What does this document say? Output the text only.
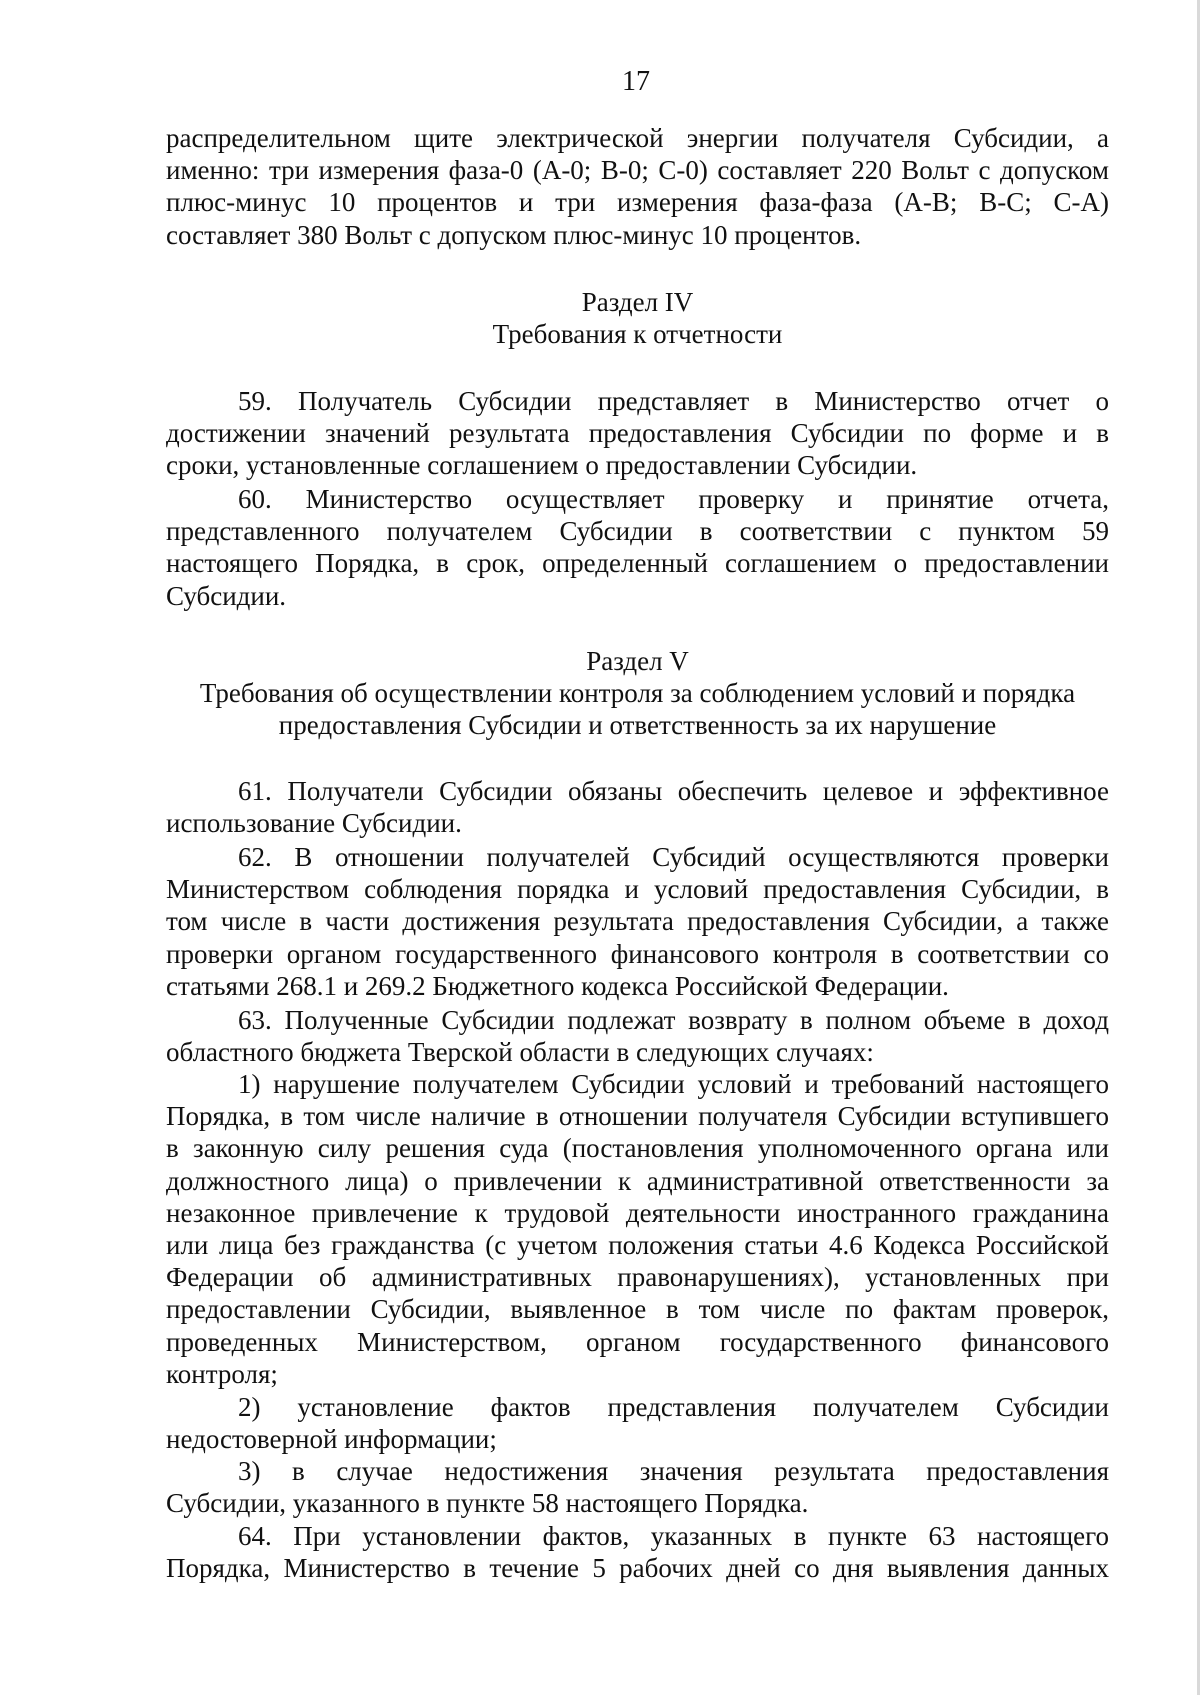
17

распределительном щите электрической энергии получателя Субсидии, а

именно: три измерения фаза-0 (А-0; В-0; С-0) составляет 220 Вольт с допуском

плюс-минус 10 процентов и три измерения фаза-фаза (А-В; В-С; С-А)

составляет 380 Вольт с допуском плюс-минус 10 процентов.

Раздел IV

Требования к отчетности

59. Получатель Субсидии представляет в Министерство отчет о

достижении значений результата предоставления Субсидии по форме и в

сроки, установленные соглашением о предоставлении Субсидии.

60. Министерство осуществляет проверку и принятие отчета,

представленного получателем Субсидии в соответствии с пунктом 59

настоящего Порядка, в срок, определенный соглашением о предоставлении

Субсидии.

Раздел V

Требования об осуществлении контроля за соблюдением условий и порядка

предоставления Субсидии и ответственность за их нарушение

61. Получатели Субсидии обязаны обеспечить целевое и эффективное

использование Субсидии.

62. В отношении получателей Субсидий осуществляются проверки

Министерством соблюдения порядка и условий предоставления Субсидии, в

том числе в части достижения результата предоставления Субсидии, а также

проверки органом государственного финансового контроля в соответствии со

статьями 268.1 и 269.2 Бюджетного кодекса Российской Федерации.

63. Полученные Субсидии подлежат возврату в полном объеме в доход

областного бюджета Тверской области в следующих случаях:

1) нарушение получателем Субсидии условий и требований настоящего

Порядка, в том числе наличие в отношении получателя Субсидии вступившего

в законную силу решения суда (постановления уполномоченного органа или

должностного лица) о привлечении к административной ответственности за

незаконное привлечение к трудовой деятельности иностранного гражданина

или лица без гражданства (с учетом положения статьи 4.6 Кодекса Российской

Федерации об административных правонарушениях), установленных при

предоставлении Субсидии, выявленное в том числе по фактам проверок,

проведенных Министерством, органом государственного финансового

контроля;

2) установление фактов представления получателем Субсидии

недостоверной информации;

3) в случае недостижения значения результата предоставления

Субсидии, указанного в пункте 58 настоящего Порядка.

64. При установлении фактов, указанных в пункте 63 настоящего

Порядка, Министерство в течение 5 рабочих дней со дня выявления данных
